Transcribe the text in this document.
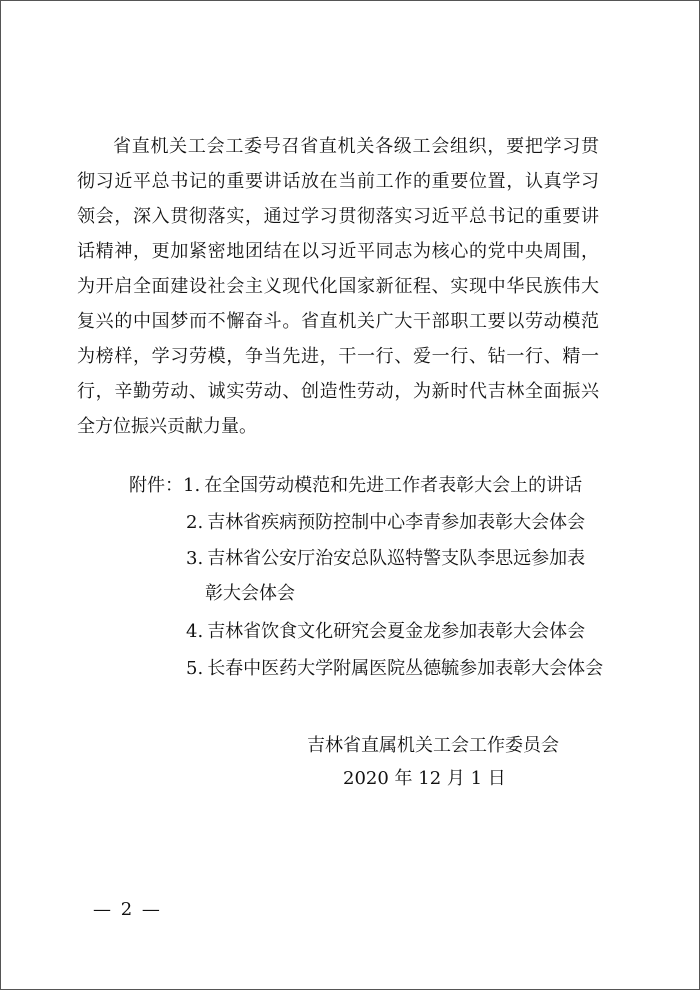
省直机关工会工委号召省直机关各级工会组织，要把学习贯
彻习近平总书记的重要讲话放在当前工作的重要位置，认真学习
领会，深入贯彻落实，通过学习贯彻落实习近平总书记的重要讲
话精神，更加紧密地团结在以习近平同志为核心的党中央周围，
为开启全面建设社会主义现代化国家新征程、实现中华民族伟大
复兴的中国梦而不懈奋斗。省直机关广大干部职工要以劳动模范
为榜样，学习劳模，争当先进，干一行、爱一行、钻一行、精一
行，辛勤劳动、诚实劳动、创造性劳动，为新时代吉林全面振兴
全方位振兴贡献力量。
附件：1. 在全国劳动模范和先进工作者表彰大会上的讲话
2. 吉林省疾病预防控制中心李青参加表彰大会体会
3. 吉林省公安厅治安总队巡特警支队李思远参加表
彰大会体会
4. 吉林省饮食文化研究会夏金龙参加表彰大会体会
5. 长春中医药大学附属医院丛德毓参加表彰大会体会
吉林省直属机关工会工作委员会
2020 年 12 月 1 日
— 2 —
